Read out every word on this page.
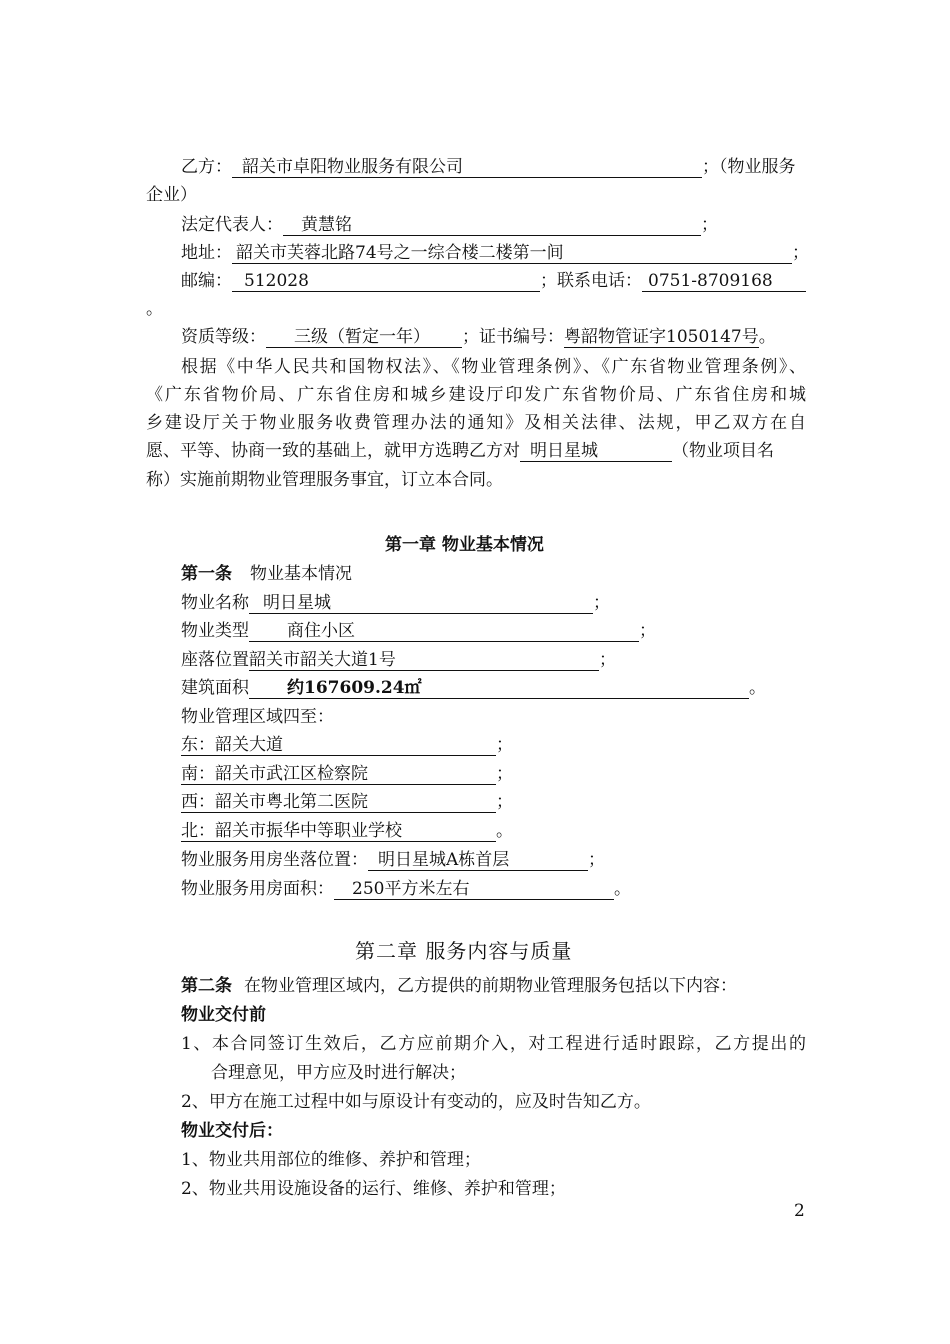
乙方： 韶关市卓阳物业服务有限公司	；（物业服务
企业）
法定代表人： 黄慧铭	；
地址： 韶关市芙蓉北路74号之一综合楼二楼第一间	；
邮编： 512028	；联系电话： 0751-8709168
。
资质等级： 三级（暂定一年） ；证书编号：粤韶物管证字1050147号。
根据《中华人民共和国物权法》、《物业管理条例》、《广东省物业管理条例》、
《广东省物价局、广东省住房和城乡建设厅印发广东省物价局、广东省住房和城
乡建设厅关于物业服务收费管理办法的通知》及相关法律、法规，甲乙双方在自
愿、平等、协商一致的基础上，就甲方选聘乙方对 明日星城	（物业项目名
称）实施前期物业管理服务事宜，订立本合同。
第一章 物业基本情况
第一条 物业基本情况
物业名称 明日星城	；
物业类型 商住小区	；
座落位置韶关市韶关大道1号	；
建筑面积 约167609.24㎡	。
物业管理区域四至：
东：韶关大道	；
南：韶关市武江区检察院	；
西：韶关市粤北第二医院	；
北：韶关市振华中等职业学校	。
物业服务用房坐落位置： 明日星城A栋首层	；
物业服务用房面积： 250平方米左右	。
第二章 服务内容与质量
第二条 在物业管理区域内，乙方提供的前期物业管理服务包括以下内容：
物业交付前
1、本合同签订生效后，乙方应前期介入，对工程进行适时跟踪，乙方提出的
合理意见，甲方应及时进行解决；
2、甲方在施工过程中如与原设计有变动的，应及时告知乙方。
物业交付后：
1、物业共用部位的维修、养护和管理；
2、物业共用设施设备的运行、维修、养护和管理；
2
